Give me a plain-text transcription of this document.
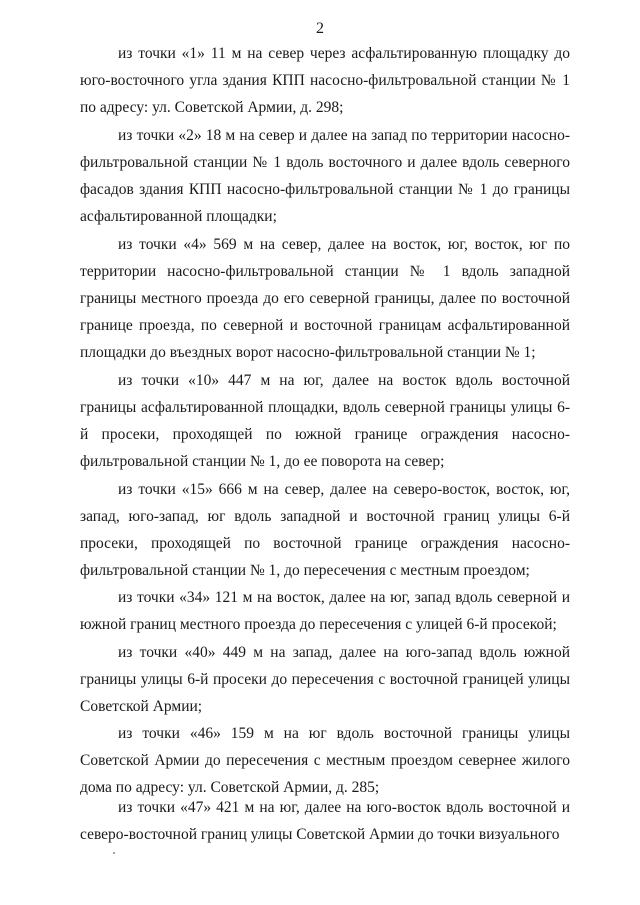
2

из точки «1» 11 м на север через асфальтированную площадку до юго-восточного угла здания КПП насосно-фильтровальной станции № 1 по адресу: ул. Советской Армии, д. 298;

из точки «2» 18 м на север и далее на запад по территории насосно-фильтровальной станции № 1 вдоль восточного и далее вдоль северного фасадов здания КПП насосно-фильтровальной станции № 1 до границы асфальтированной площадки;

из точки «4» 569 м на север, далее на восток, юг, восток, юг по территории насосно-фильтровальной станции № 1 вдоль западной границы местного проезда до его северной границы, далее по восточной границе проезда, по северной и восточной границам асфальтированной площадки до въездных ворот насосно-фильтровальной станции № 1;

из точки «10» 447 м на юг, далее на восток вдоль восточной границы асфальтированной площадки, вдоль северной границы улицы 6-й просеки, проходящей по южной границе ограждения насосно-фильтровальной станции № 1, до ее поворота на север;

из точки «15» 666 м на север, далее на северо-восток, восток, юг, запад, юго-запад, юг вдоль западной и восточной границ улицы 6-й просеки, проходящей по восточной границе ограждения насосно-фильтровальной станции № 1, до пересечения с местным проездом;

из точки «34» 121 м на восток, далее на юг, запад вдоль северной и южной границ местного проезда до пересечения с улицей 6-й просекой;

из точки «40» 449 м на запад, далее на юго-запад вдоль южной границы улицы 6-й просеки до пересечения с восточной границей улицы Советской Армии;

из точки «46» 159 м на юг вдоль восточной границы улицы Советской Армии до пересечения с местным проездом севернее жилого дома по адресу: ул. Советской Армии, д. 285;

из точки «47» 421 м на юг, далее на юго-восток вдоль восточной и северо-восточной границ улицы Советской Армии до точки визуального
